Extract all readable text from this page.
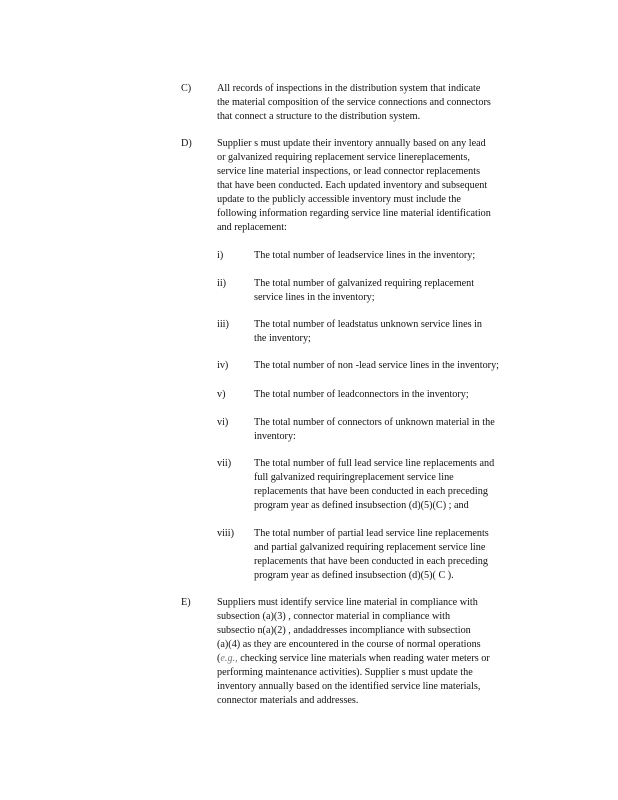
C)	All records of inspections in the distribution system that indicate
the material composition of the service connections and connectors
that connect a structure to the distribution system.
D)	Supplier s must update their inventory annually based on any lead
or galvanized requiring replacement service linereplacements,
service line material inspections, or lead connector replacements
that have been conducted. Each updated inventory and subsequent
update to the publicly accessible inventory must include the
following information regarding service line material identification
and replacement:
i)	The total number of leadservice lines in the inventory;
ii)	The total number of galvanized requiring replacement
service lines in the inventory;
iii)	The total number of leadstatus unknown service lines in
the inventory;
iv)	The total number of non -lead service lines in the inventory;
v)	The total number of leadconnectors in the inventory;
vi)	The total number of connectors of unknown material in the
inventory:
vii)	The total number of full lead service line replacements and
full galvanized requiringreplacement service line
replacements that have been conducted in each preceding
program year as defined insubsection (d)(5)(C) ; and
viii)	The total number of partial lead service line replacements
and partial galvanized requiring replacement service line
replacements that have been conducted in each preceding
program year as defined insubsection (d)(5)( C ).
E)	Suppliers must identify service line material in compliance with
subsection (a)(3) , connector material in compliance with
subsectio n(a)(2) , andaddresses incompliance with subsection
(a)(4) as they are encountered in the course of normal operations
(e.g., checking service line materials when reading water meters or
performing maintenance activities). Supplier s must update the
inventory annually based on the identified service line materials,
connector materials and addresses.
